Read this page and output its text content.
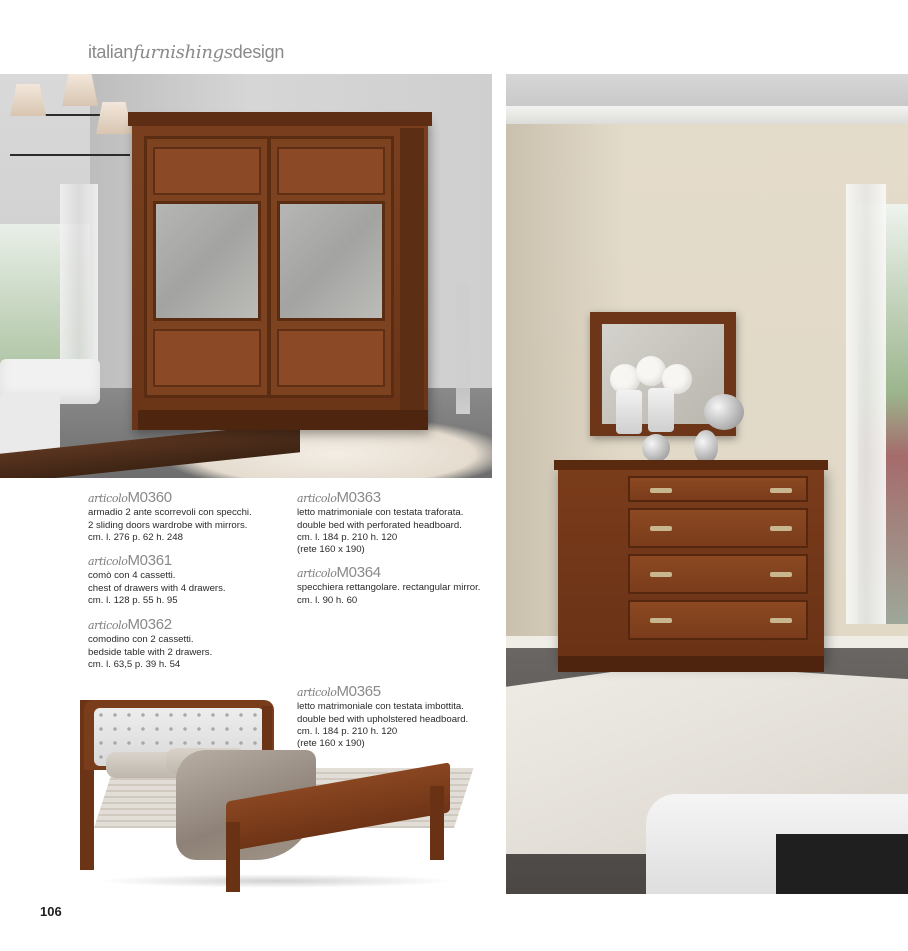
italianfurnishingsdesign
articoloM0360
armadio 2 ante scorrevoli con specchi.
2 sliding doors wardrobe with mirrors.
cm. l. 276 p. 62 h. 248
articoloM0361
comò con 4 cassetti.
chest of drawers with 4 drawers.
cm. l. 128 p. 55 h. 95
articoloM0362
comodino con 2 cassetti.
bedside table with 2 drawers.
cm. l. 63,5 p. 39 h. 54
articoloM0363
letto matrimoniale con testata traforata.
double bed with perforated headboard.
cm. l. 184 p. 210 h. 120
(rete 160 x 190)
articoloM0364
specchiera rettangolare. rectangular mirror.
cm. l. 90 h. 60
articoloM0365
letto matrimoniale con testata imbottita.
double bed with upholstered headboard.
cm. l. 184 p. 210 h. 120
(rete 160 x 190)
106
